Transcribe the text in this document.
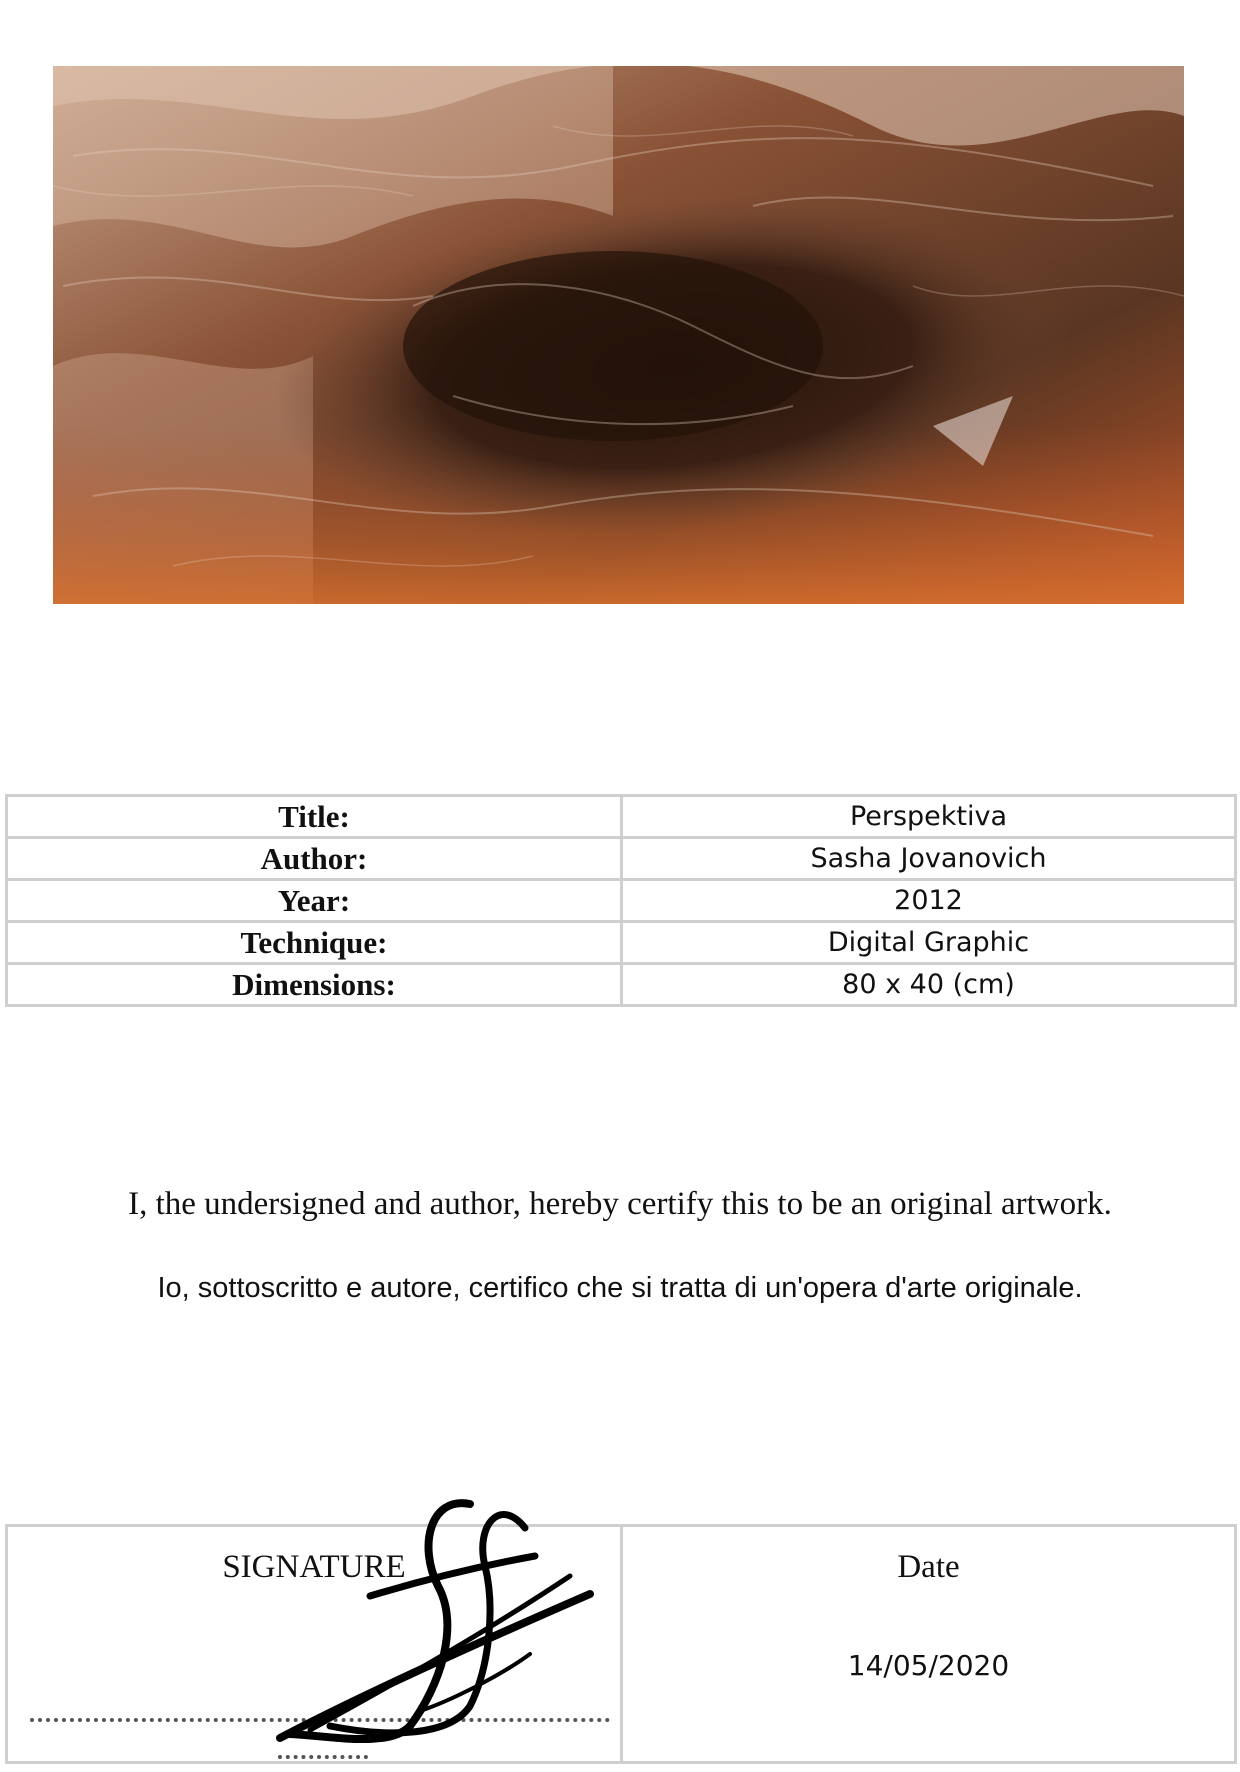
Title:	Perspektiva
Author:	Sasha Jovanovich
Year:	2012
Technique:	Digital Graphic
Dimensions:	80 x 40 (cm)
I, the undersigned and author, hereby certify this to be an original artwork.
Io, sottoscritto e autore, certifico che si tratta di un'opera d'arte originale.
SIGNATURE	Date
14/05/2020
